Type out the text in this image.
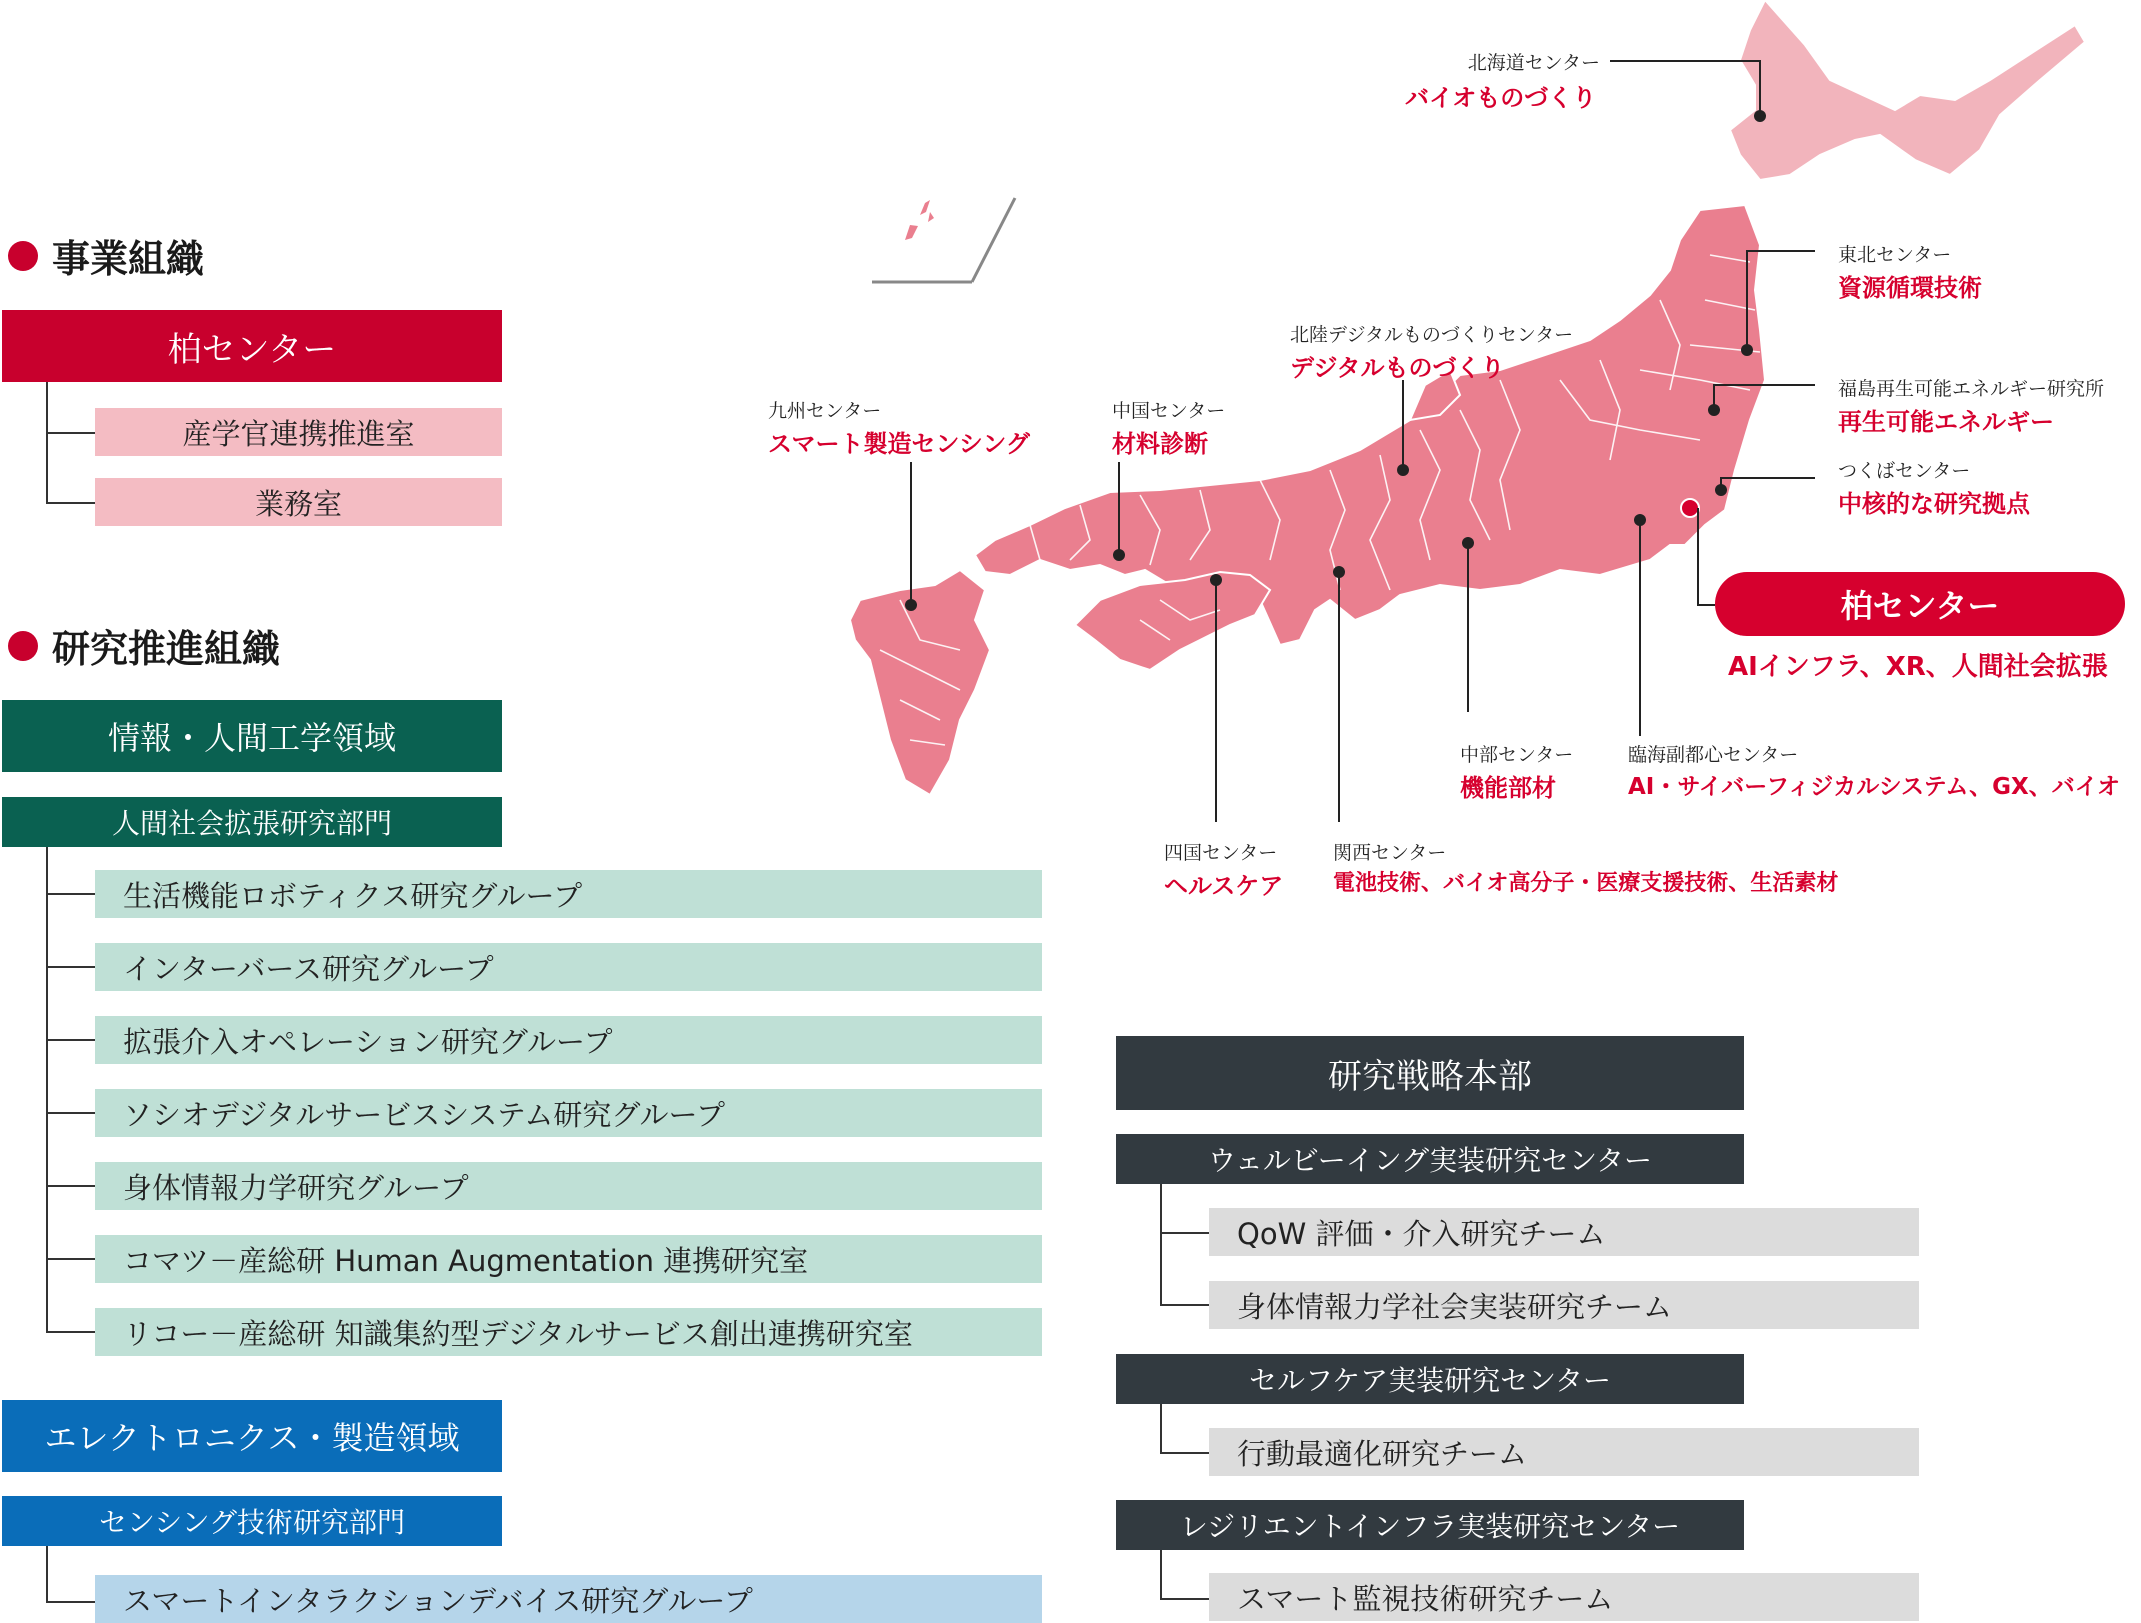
事業組織
柏センター
産学官連携推進室
業務室
研究推進組織
情報・人間工学領域
人間社会拡張研究部門
生活機能ロボティクス研究グループ
インターバース研究グループ
拡張介入オペレーション研究グループ
ソシオデジタルサービスシステム研究グループ
身体情報力学研究グループ
コマツ－産総研 Human Augmentation 連携研究室
リコー－産総研 知識集約型デジタルサービス創出連携研究室
エレクトロニクス・製造領域
センシング技術研究部門
スマートインタラクションデバイス研究グループ
研究戦略本部
ウェルビーイング実装研究センター
QoW 評価・介入研究チーム
身体情報力学社会実装研究チーム
セルフケア実装研究センター
行動最適化研究チーム
レジリエントインフラ実装研究センター
スマート監視技術研究チーム
北海道センター
バイオものづくり
東北センター
資源循環技術
北陸デジタルものづくりセンター
デジタルものづくり
福島再生可能エネルギー研究所
再生可能エネルギー
つくばセンター
中核的な研究拠点
柏センター
AIインフラ、XR、人間社会拡張
九州センター
スマート製造センシング
中国センター
材料診断
中部センター
機能部材
臨海副都心センター
AI・サイバーフィジカルシステム、GX、バイオ
四国センター
ヘルスケア
関西センター
電池技術、バイオ高分子・医療支援技術、生活素材
